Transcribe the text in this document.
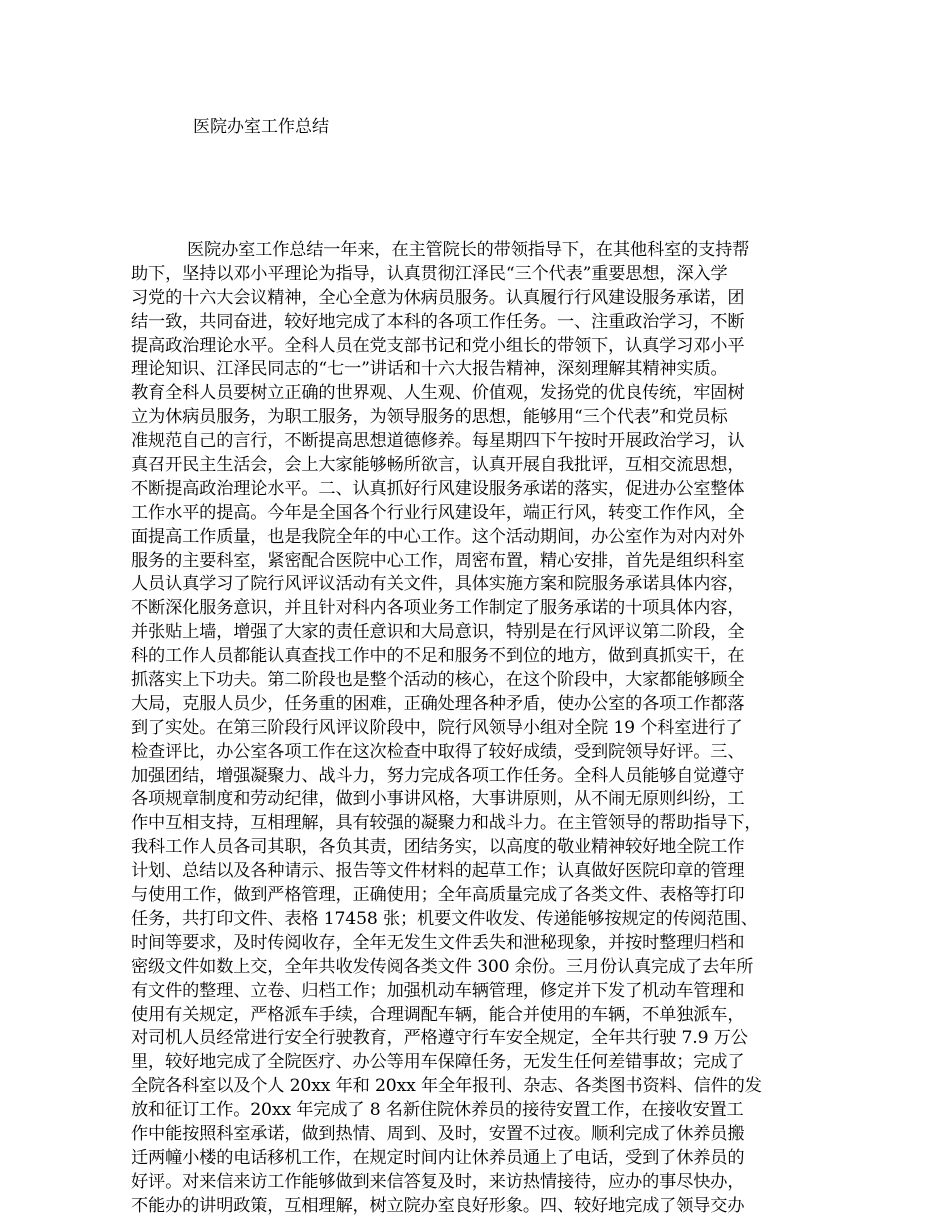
医院办室工作总结
医院办室工作总结一年来，在主管院长的带领指导下，在其他科室的支持帮
助下，坚持以邓小平理论为指导，认真贯彻江泽民“三个代表”重要思想，深入学
习党的十六大会议精神，全心全意为休病员服务。认真履行行风建设服务承诺，团
结一致，共同奋进，较好地完成了本科的各项工作任务。一、注重政治学习，不断
提高政治理论水平。全科人员在党支部书记和党小组长的带领下，认真学习邓小平
理论知识、江泽民同志的“七一”讲话和十六大报告精神，深刻理解其精神实质。
教育全科人员要树立正确的世界观、人生观、价值观，发扬党的优良传统，牢固树
立为休病员服务，为职工服务，为领导服务的思想，能够用“三个代表”和党员标
准规范自己的言行，不断提高思想道德修养。每星期四下午按时开展政治学习，认
真召开民主生活会，会上大家能够畅所欲言，认真开展自我批评，互相交流思想，
不断提高政治理论水平。二、认真抓好行风建设服务承诺的落实，促进办公室整体
工作水平的提高。今年是全国各个行业行风建设年，端正行风，转变工作作风，全
面提高工作质量，也是我院全年的中心工作。这个活动期间，办公室作为对内对外
服务的主要科室，紧密配合医院中心工作，周密布置，精心安排，首先是组织科室
人员认真学习了院行风评议活动有关文件，具体实施方案和院服务承诺具体内容，
不断深化服务意识，并且针对科内各项业务工作制定了服务承诺的十项具体内容，
并张贴上墙，增强了大家的责任意识和大局意识，特别是在行风评议第二阶段，全
科的工作人员都能认真查找工作中的不足和服务不到位的地方，做到真抓实干，在
抓落实上下功夫。第二阶段也是整个活动的核心，在这个阶段中，大家都能够顾全
大局，克服人员少，任务重的困难，正确处理各种矛盾，使办公室的各项工作都落
到了实处。在第三阶段行风评议阶段中，院行风领导小组对全院 19 个科室进行了
检查评比，办公室各项工作在这次检查中取得了较好成绩，受到院领导好评。三、
加强团结，增强凝聚力、战斗力，努力完成各项工作任务。全科人员能够自觉遵守
各项规章制度和劳动纪律，做到小事讲风格，大事讲原则，从不闹无原则纠纷，工
作中互相支持，互相理解，具有较强的凝聚力和战斗力。在主管领导的帮助指导下，
我科工作人员各司其职，各负其责，团结务实，以高度的敬业精神较好地全院工作
计划、总结以及各种请示、报告等文件材料的起草工作；认真做好医院印章的管理
与使用工作，做到严格管理，正确使用；全年高质量完成了各类文件、表格等打印
任务，共打印文件、表格 17458 张；机要文件收发、传递能够按规定的传阅范围、
时间等要求，及时传阅收存，全年无发生文件丢失和泄秘现象，并按时整理归档和
密级文件如数上交，全年共收发传阅各类文件 300 余份。三月份认真完成了去年所
有文件的整理、立卷、归档工作；加强机动车辆管理，修定并下发了机动车管理和
使用有关规定，严格派车手续，合理调配车辆，能合并使用的车辆，不单独派车，
对司机人员经常进行安全行驶教育，严格遵守行车安全规定，全年共行驶 7.9 万公
里，较好地完成了全院医疗、办公等用车保障任务，无发生任何差错事故；完成了
全院各科室以及个人 20xx 年和 20xx 年全年报刊、杂志、各类图书资料、信件的发
放和征订工作。20xx 年完成了 8 名新住院休养员的接待安置工作，在接收安置工
作中能按照科室承诺，做到热情、周到、及时，安置不过夜。顺利完成了休养员搬
迁两幢小楼的电话移机工作，在规定时间内让休养员通上了电话，受到了休养员的
好评。对来信来访工作能够做到来信答复及时，来访热情接待，应办的事尽快办，
不能办的讲明政策，互相理解，树立院办室良好形象。四、较好地完成了领导交办
